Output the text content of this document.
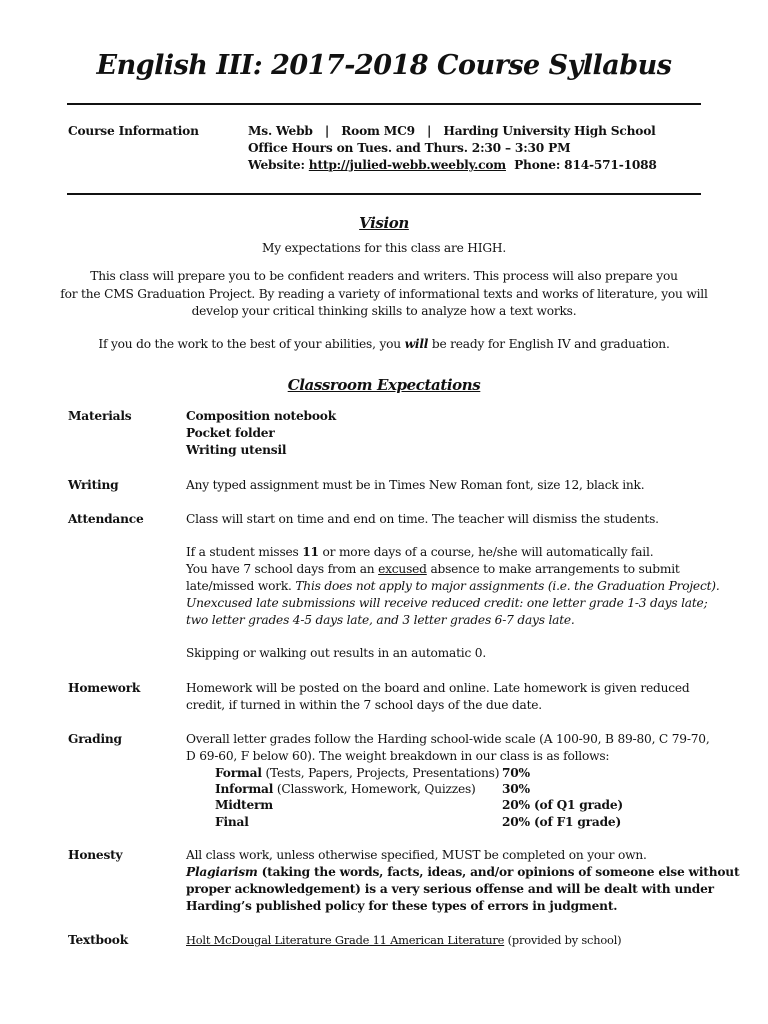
English III: 2017-2018 Course Syllabus
Course Information	Ms. Webb | Room MC9 | Harding University High School
Office Hours on Tues. and Thurs. 2:30 – 3:30 PM
Website: http://julied-webb.weebly.com Phone: 814-571-1088
Vision
My expectations for this class are HIGH.
This class will prepare you to be confident readers and writers. This process will also prepare you
for the CMS Graduation Project. By reading a variety of informational texts and works of literature, you will
develop your critical thinking skills to analyze how a text works.
If you do the work to the best of your abilities, you will be ready for English IV and graduation.
Classroom Expectations
Materials	Composition notebook
Pocket folder
Writing utensil
Writing	Any typed assignment must be in Times New Roman font, size 12, black ink.
Attendance	Class will start on time and end on time. The teacher will dismiss the students.
If a student misses 11 or more days of a course, he/she will automatically fail.
You have 7 school days from an excused absence to make arrangements to submit
late/missed work. This does not apply to major assignments (i.e. the Graduation Project).
Unexcused late submissions will receive reduced credit: one letter grade 1-3 days late;
two letter grades 4-5 days late, and 3 letter grades 6-7 days late.
Skipping or walking out results in an automatic 0.
Homework	Homework will be posted on the board and online. Late homework is given reduced
credit, if turned in within the 7 school days of the due date.
Grading	Overall letter grades follow the Harding school-wide scale (A 100-90, B 89-80, C 79-70,
D 69-60, F below 60). The weight breakdown in our class is as follows:
Formal (Tests, Papers, Projects, Presentations) 70%
Informal (Classwork, Homework, Quizzes) 30%
Midterm	20% (of Q1 grade)
Final	20% (of F1 grade)
Honesty	All class work, unless otherwise specified, MUST be completed on your own.
Plagiarism (taking the words, facts, ideas, and/or opinions of someone else without
proper acknowledgement) is a very serious offense and will be dealt with under
Harding’s published policy for these types of errors in judgment.
Textbook	Holt McDougal Literature Grade 11 American Literature (provided by school)
